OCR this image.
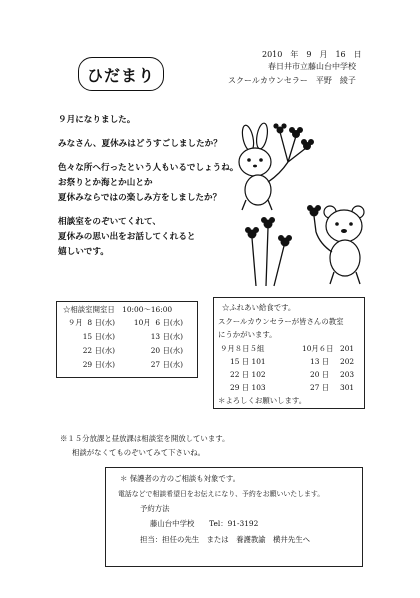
ひだまり
2010　年　9　月　16　日
春日井市立藤山台中学校
スクールカウンセラー　平野　綾子
９月になりました。
みなさん、夏休みはどうすごしましたか？
色々な所へ行ったという人もいるでしょうね。
お祭りとか海とか山とか
夏休みならではの楽しみ方をしましたか？
相談室をのぞいてくれて、
夏休みの思い出をお話してくれると
嬉しいです。
☆相談室開室日　10:00～16:00
９月  8 日(水)	10月  6 日(水)
15 日(水)	13 日(水)
22 日(水)	20 日(水)
29 日(水)	27 日(水)
☆ふれあい給食です。
スクールカウンセラーが皆さんの教室
にうかがいます。
９月８日５組	10月６日 201
15 日 101	13 日 202
22 日 102	20 日 203
29 日 103	27 日 301
＊よろしくお願いします。
※１５分放課と昼放課は相談室を開放しています。
相談がなくてものぞいてみて下さいね。
＊ 保護者の方のご相談も対象です。
電話などで相談希望日をお伝えになり、予約をお願いいたします。
予約方法
藤山台中学校　　Tel：91-3192
担当：担任の先生　または　養護教諭　横井先生へ
